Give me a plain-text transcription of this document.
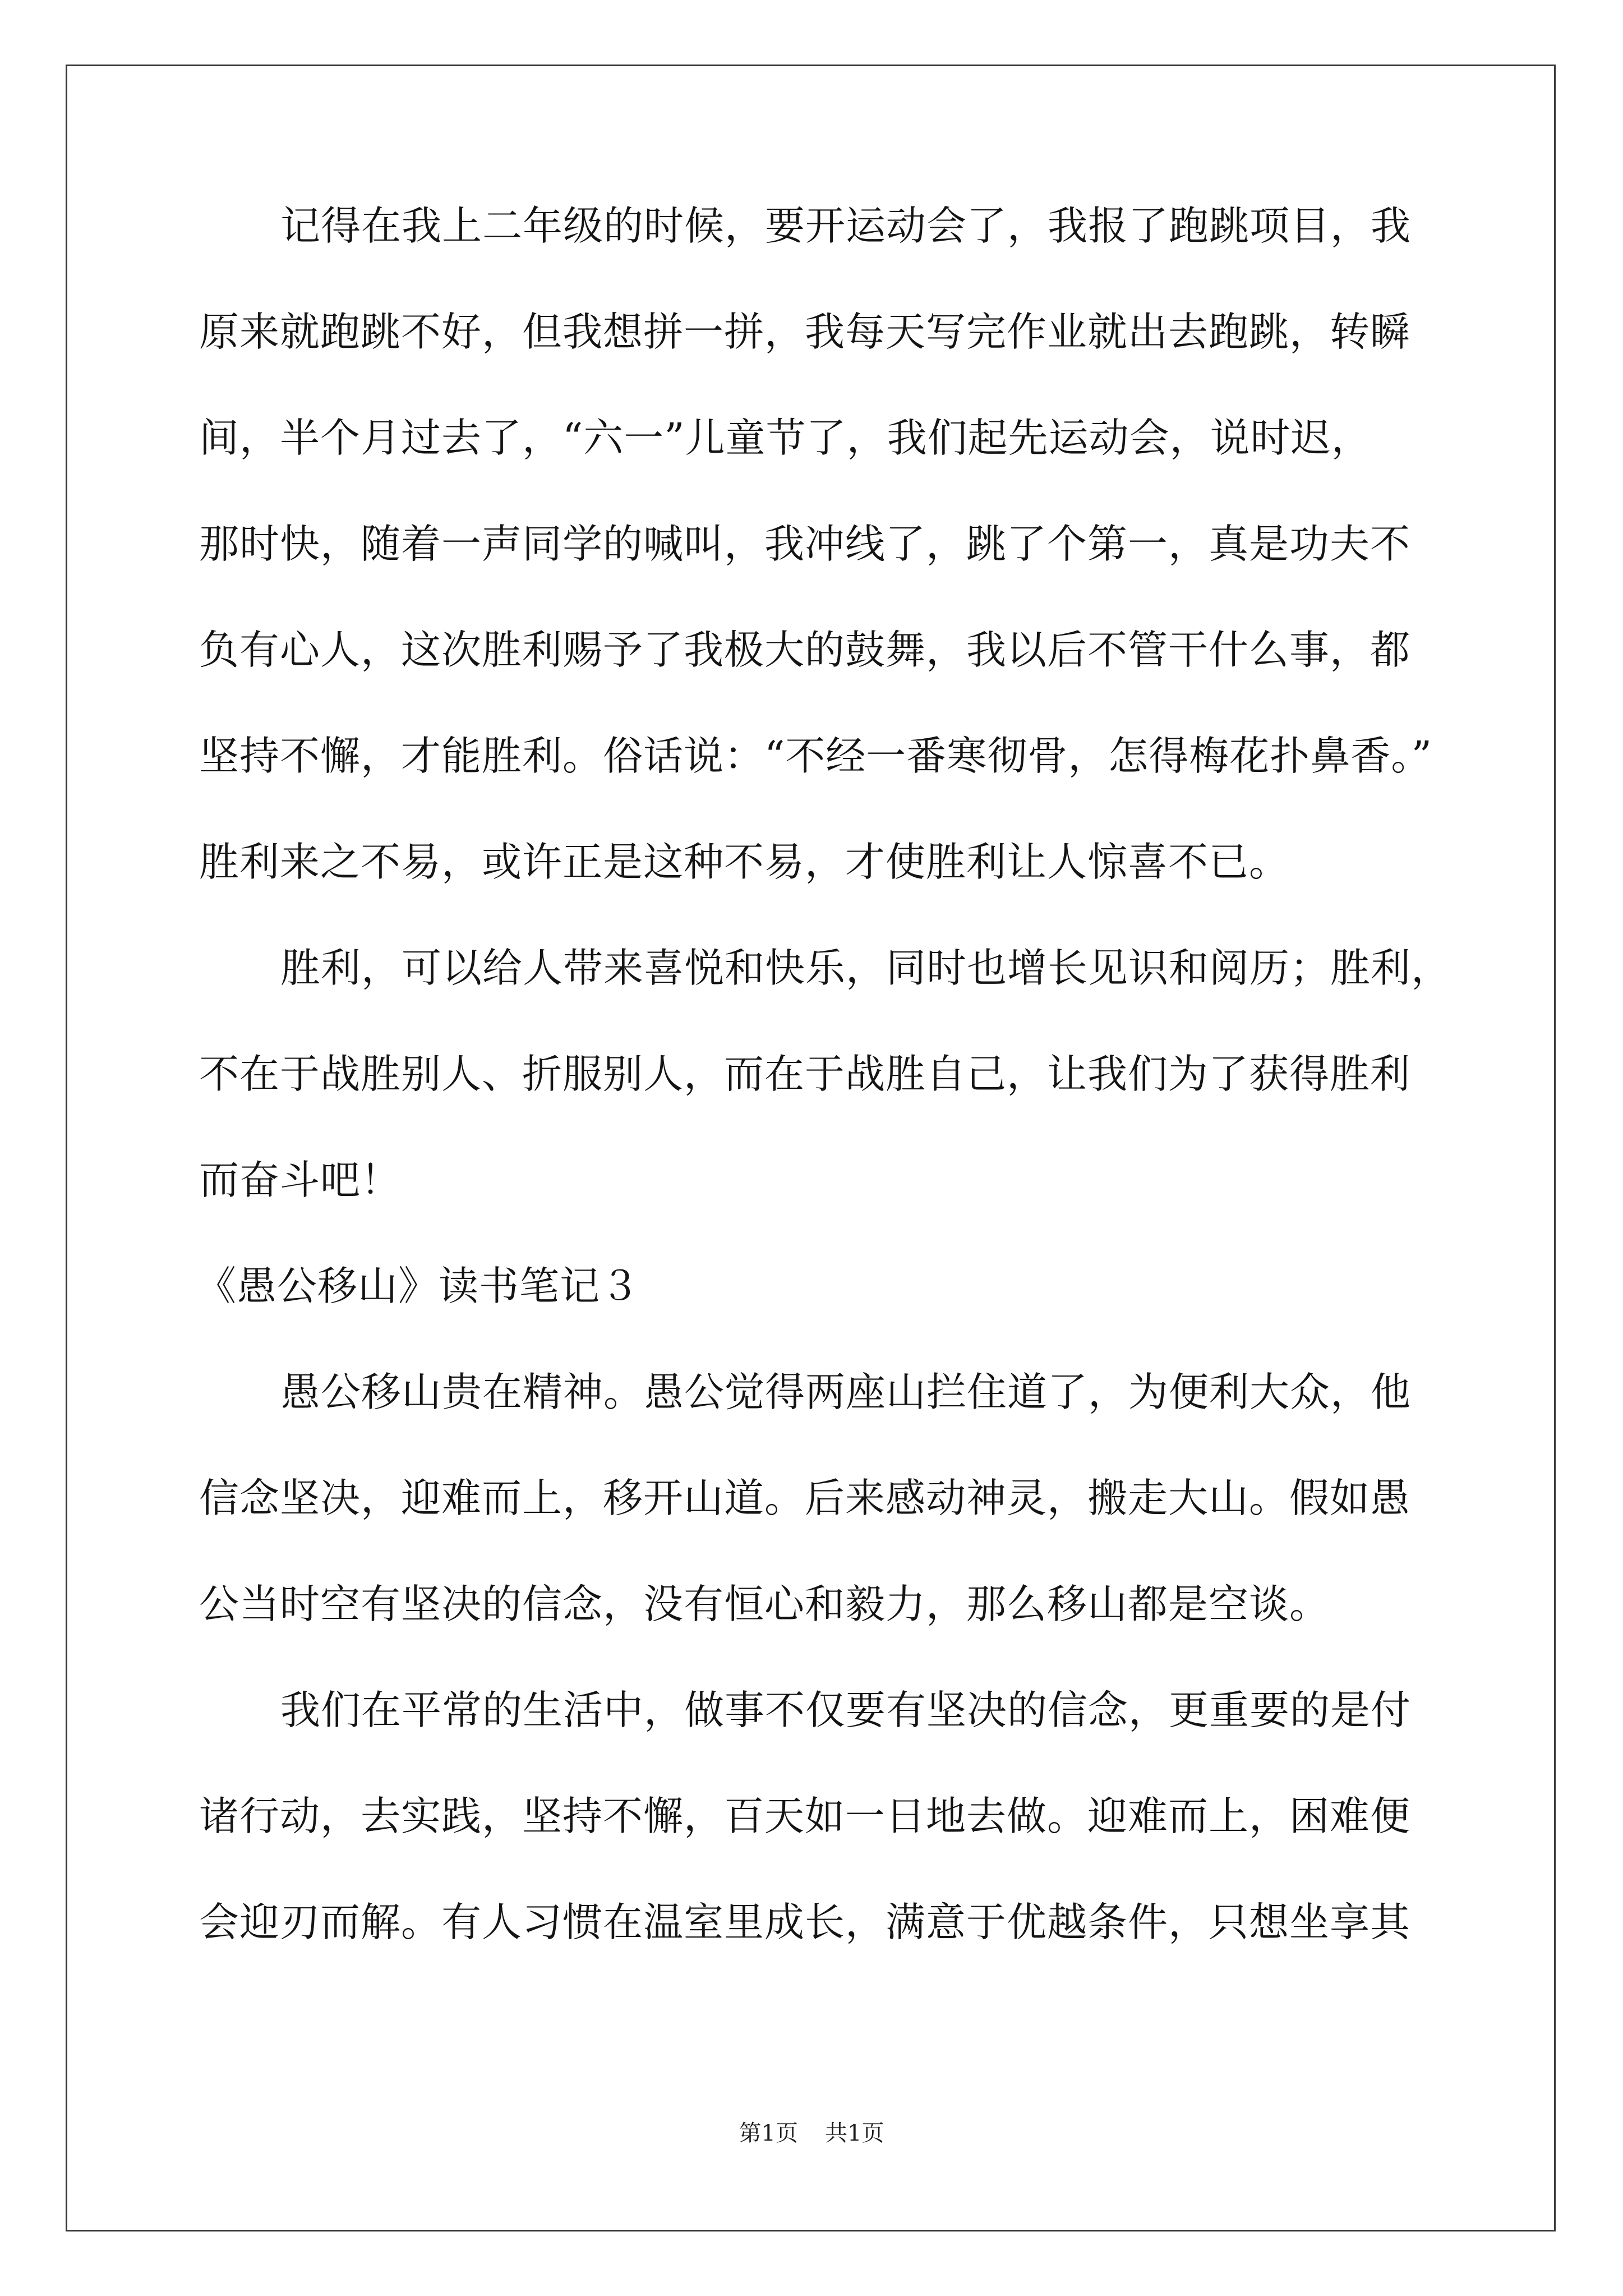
记得在我上二年级的时候，要开运动会了，我报了跑跳项目，我
原来就跑跳不好，但我想拼一拼，我每天写完作业就出去跑跳，转瞬
间，半个月过去了，“六一”儿童节了，我们起先运动会，说时迟，
那时快，随着一声同学的喊叫，我冲线了，跳了个第一，真是功夫不
负有心人，这次胜利赐予了我极大的鼓舞，我以后不管干什么事，都
坚持不懈，才能胜利。俗话说：“不经一番寒彻骨，怎得梅花扑鼻香。”
胜利来之不易，或许正是这种不易，才使胜利让人惊喜不已。
胜利，可以给人带来喜悦和快乐，同时也增长见识和阅历；胜利，
不在于战胜别人、折服别人，而在于战胜自己，让我们为了获得胜利
而奋斗吧！
《愚公移山》读书笔记３
愚公移山贵在精神。愚公觉得两座山拦住道了，为便利大众，他
信念坚决，迎难而上，移开山道。后来感动神灵，搬走大山。假如愚
公当时空有坚决的信念，没有恒心和毅力，那么移山都是空谈。
我们在平常的生活中，做事不仅要有坚决的信念，更重要的是付
诸行动，去实践，坚持不懈，百天如一日地去做。迎难而上，困难便
会迎刃而解。有人习惯在温室里成长，满意于优越条件，只想坐享其
第1页 共1页
